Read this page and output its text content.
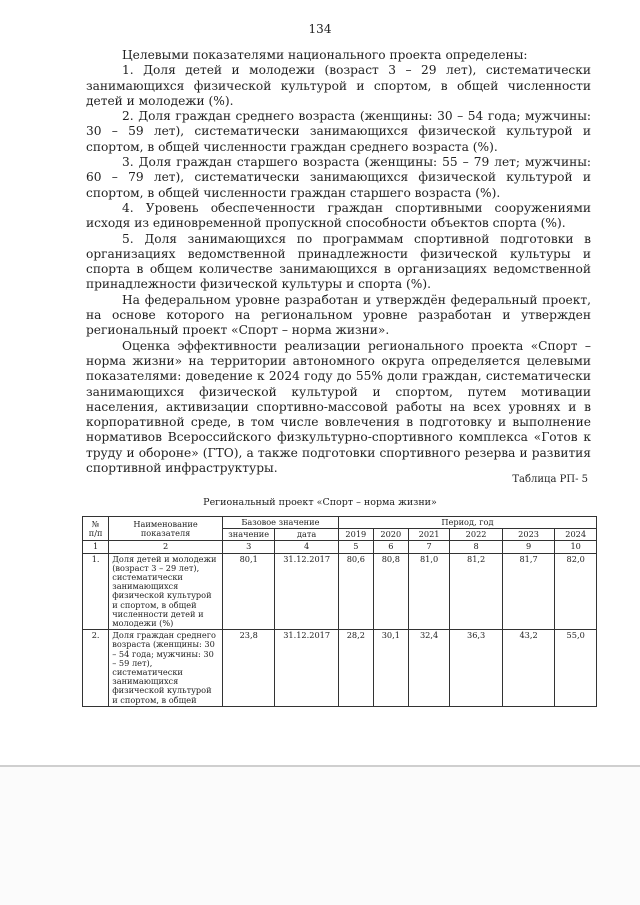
134

Целевыми показателями национального проекта определены:

1. Доля детей и молодежи (возраст 3 – 29 лет), систематически занимающихся физической культурой и спортом, в общей численности детей и молодежи (%).

2. Доля граждан среднего возраста (женщины: 30 – 54 года; мужчины: 30 – 59 лет), систематически занимающихся физической культурой и спортом, в общей численности граждан среднего возраста (%).

3. Доля граждан старшего возраста (женщины: 55 – 79 лет; мужчины: 60 – 79 лет), систематически занимающихся физической культурой и спортом, в общей численности граждан старшего возраста (%).

4. Уровень обеспеченности граждан спортивными сооружениями исходя из единовременной пропускной способности объектов спорта (%).

5. Доля занимающихся по программам спортивной подготовки в организациях ведомственной принадлежности физической культуры и спорта в общем количестве занимающихся в организациях ведомственной принадлежности физической культуры и спорта (%).

На федеральном уровне разработан и утверждён федеральный проект, на основе которого на региональном уровне разработан и утвержден региональный проект «Спорт – норма жизни».

Оценка эффективности реализации регионального проекта «Спорт – норма жизни» на территории автономного округа определяется целевыми показателями: доведение к 2024 году до 55% доли граждан, систематически занимающихся физической культурой и спортом, путем мотивации населения, активизации спортивно-массовой работы на всех уровнях и в корпоративной среде, в том числе вовлечения в подготовку и выполнение нормативов Всероссийского физкультурно-спортивного комплекса «Готов к труду и обороне» (ГТО), а также подготовки спортивного резерва и развития спортивной инфраструктуры.

Таблица РП- 5
Региональный проект «Спорт – норма жизни»
№
п/п	Наименование показателя	Базовое значение		Период, год					
		значение	дата	2019	2020	2021	2022	2023	2024
1	2	3	4	5	6	7	8	9	10
1.	Доля детей и молодежи (возраст 3 – 29 лет), систематически занимающихся физической культурой и спортом, в общей численности детей и молодежи (%)	80,1	31.12.2017	80,6	80,8	81,0	81,2	81,7	82,0
2.	Доля граждан среднего возраста (женщины: 30 – 54 года; мужчины: 30 – 59 лет), систематически занимающихся физической культурой и спортом, в общей	23,8	31.12.2017	28,2	30,1	32,4	36,3	43,2	55,0
